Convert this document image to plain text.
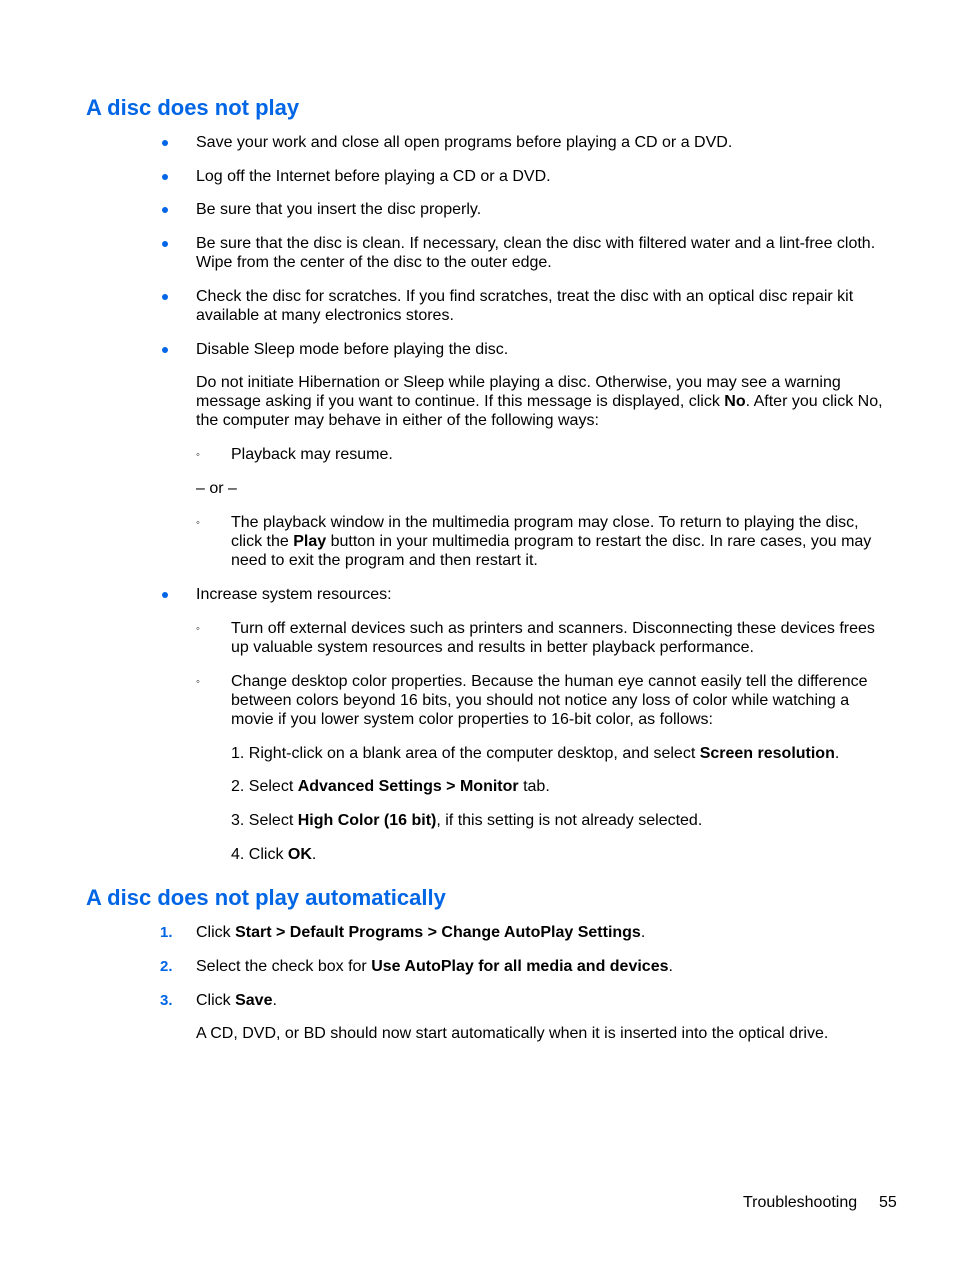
A disc does not play

Save your work and close all open programs before playing a CD or a DVD.

Log off the Internet before playing a CD or a DVD.

Be sure that you insert the disc properly.

Be sure that the disc is clean. If necessary, clean the disc with filtered water and a lint-free cloth. Wipe from the center of the disc to the outer edge.

Check the disc for scratches. If you find scratches, treat the disc with an optical disc repair kit available at many electronics stores.

Disable Sleep mode before playing the disc.

Do not initiate Hibernation or Sleep while playing a disc. Otherwise, you may see a warning message asking if you want to continue. If this message is displayed, click No. After you click No, the computer may behave in either of the following ways:

◦ Playback may resume.

– or –

◦ The playback window in the multimedia program may close. To return to playing the disc, click the Play button in your multimedia program to restart the disc. In rare cases, you may need to exit the program and then restart it.

Increase system resources:

◦ Turn off external devices such as printers and scanners. Disconnecting these devices frees up valuable system resources and results in better playback performance.

◦ Change desktop color properties. Because the human eye cannot easily tell the difference between colors beyond 16 bits, you should not notice any loss of color while watching a movie if you lower system color properties to 16-bit color, as follows:

1. Right-click on a blank area of the computer desktop, and select Screen resolution.

2. Select Advanced Settings > Monitor tab.

3. Select High Color (16 bit), if this setting is not already selected.

4. Click OK.

A disc does not play automatically
1. Click Start > Default Programs > Change AutoPlay Settings.

2. Select the check box for Use AutoPlay for all media and devices.

3. Click Save.

A CD, DVD, or BD should now start automatically when it is inserted into the optical drive.

Troubleshooting 55
